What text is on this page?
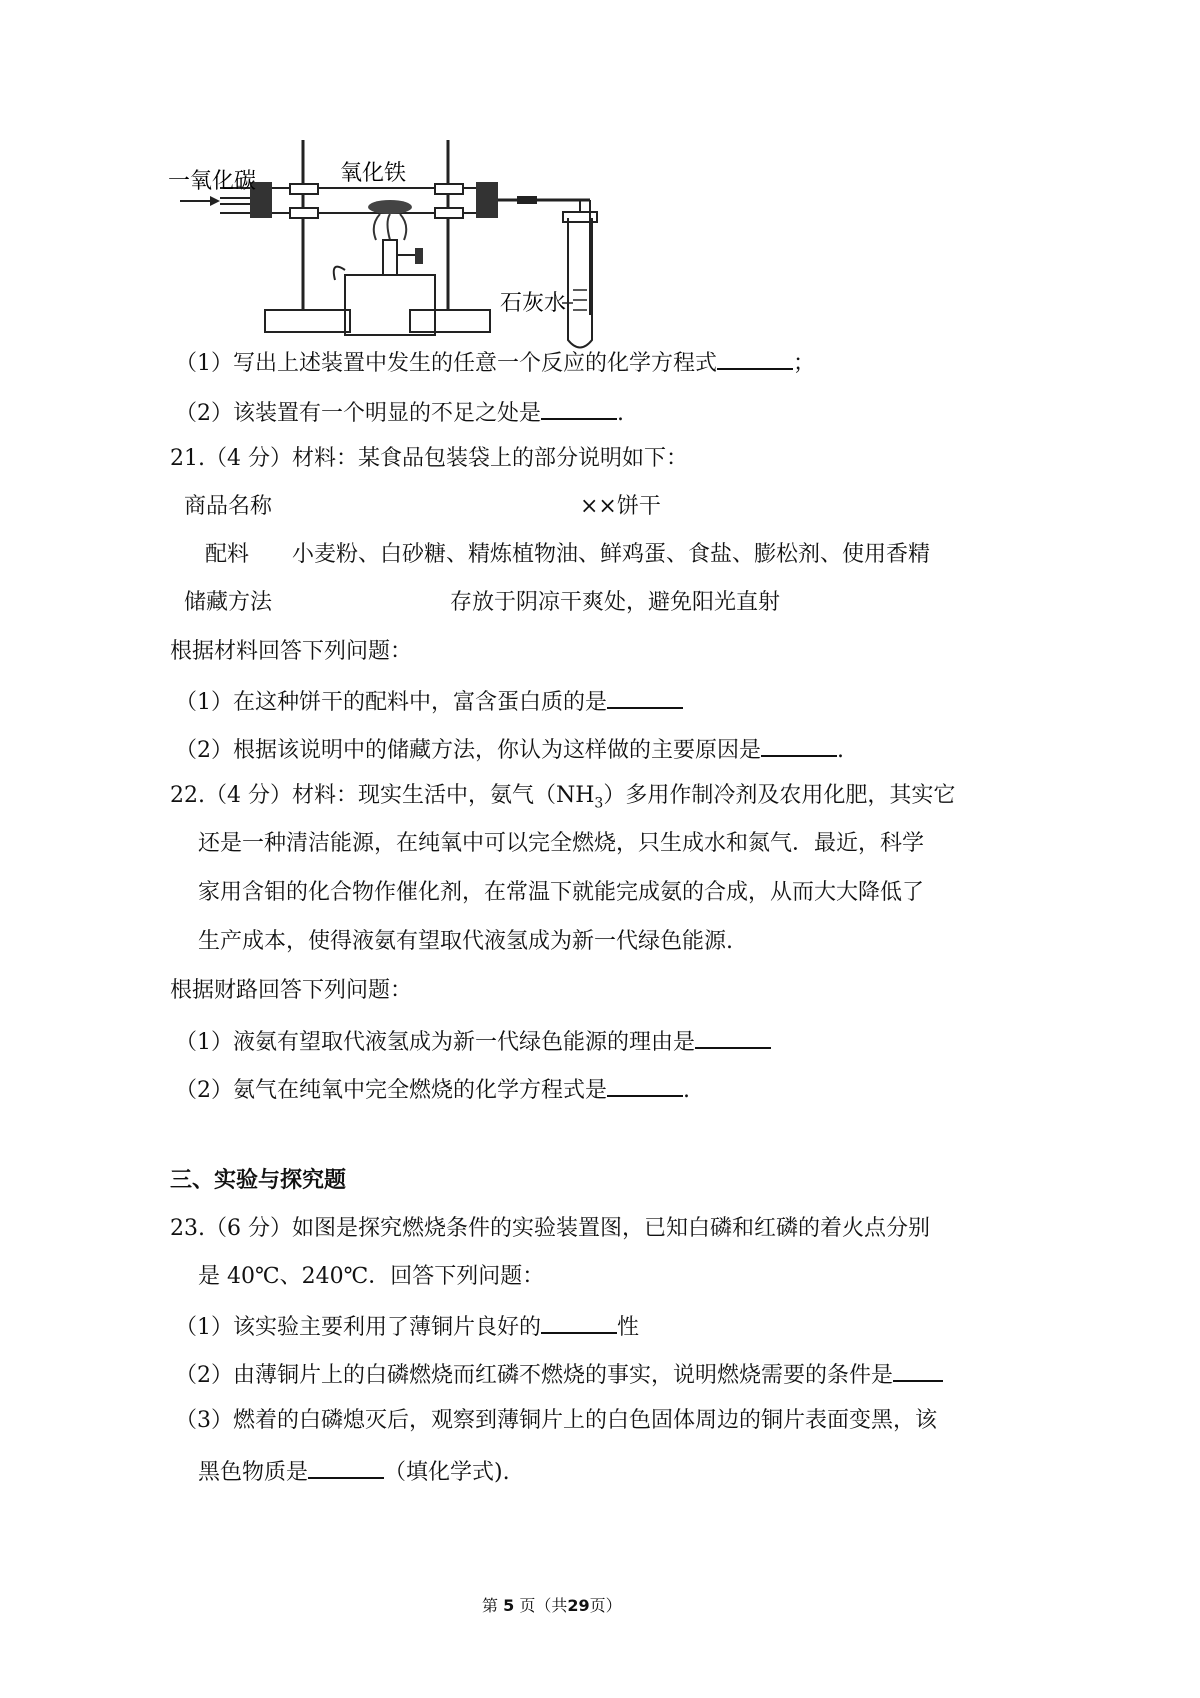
一氧化碳	氧化铁
石灰水
（1）写出上述装置中发生的任意一个反应的化学方程式	；
（2）该装置有一个明显的不足之处是	.
21.（4 分）材料：某食品包装袋上的部分说明如下：
商品名称	××饼干
配料 小麦粉、白砂糖、精炼植物油、鲜鸡蛋、食盐、膨松剂、使用香精
储藏方法	存放于阴凉干爽处，避免阳光直射
根据材料回答下列问题：
（1）在这种饼干的配料中，富含蛋白质的是
（2）根据该说明中的储藏方法，你认为这样做的主要原因是	.
22.（4 分）材料：现实生活中，氨气$(NH_3)$多用作制冷剂及农用化肥，其实它
还是一种清洁能源，在纯氧中可以完全燃烧，只生成水和氮气．最近，科学
家用含钼的化合物作催化剂，在常温下就能完成氨的合成，从而大大降低了
生产成本，使得液氨有望取代液氢成为新一代绿色能源.
根据财路回答下列问题：
（1）液氨有望取代液氢成为新一代绿色能源的理由是
（2）氨气在纯氧中完全燃烧的化学方程式是	.
三、实验与探究题
23.（6 分）如图是探究燃烧条件的实验装置图，已知白磷和红磷的着火点分别
是 40℃、240℃．回答下列问题：
（1）该实验主要利用了薄铜片良好的	性
（2）由薄铜片上的白磷燃烧而红磷不燃烧的事实，说明燃烧需要的条件是
（3）燃着的白磷熄灭后，观察到薄铜片上的白色固体周边的铜片表面变黑，该
黑色物质是	（填化学式).
第 5 页（共29页）
